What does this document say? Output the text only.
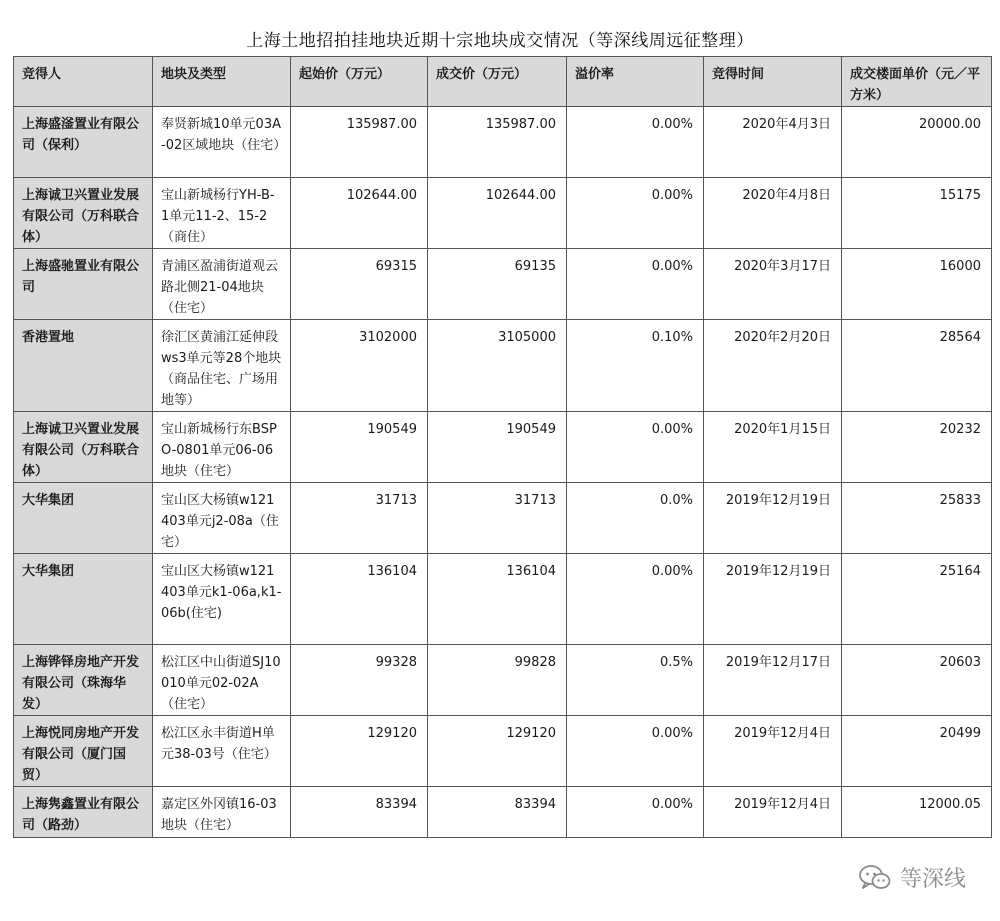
上海土地招拍挂地块近期十宗地块成交情况（等深线周远征整理）
竞得人	地块及类型	起始价（万元）	成交价（万元）	溢价率	竞得时间	成交楼面单价（元／平方米）
上海盛滏置业有限公司（保利）	奉贤新城10单元03A-02区域地块（住宅）	135987.00	135987.00	0.00%	2020年4月3日	20000.00
上海诚卫兴置业发展有限公司（万科联合体）	宝山新城杨行YH-B-1单元11-2、15-2（商住）	102644.00	102644.00	0.00%	2020年4月8日	15175
上海盛驰置业有限公司	青浦区盈浦街道观云路北侧21-04地块（住宅）	69315	69135	0.00%	2020年3月17日	16000
香港置地	徐汇区黄浦江延伸段ws3单元等28个地块（商品住宅、广场用地等）	3102000	3105000	0.10%	2020年2月20日	28564
上海诚卫兴置业发展有限公司（万科联合体）	宝山新城杨行东BSPO-0801单元06-06地块（住宅）	190549	190549	0.00%	2020年1月15日	20232
大华集团	宝山区大杨镇w121403单元j2-08a（住宅）	31713	31713	0.0%	2019年12月19日	25833
大华集团	宝山区大杨镇w121403单元k1-06a,k1-06b(住宅)	136104	136104	0.00%	2019年12月19日	25164
上海铧铎房地产开发有限公司（珠海华发）	松江区中山街道SJ10010单元02-02A（住宅）	99328	99828	0.5%	2019年12月17日	20603
上海悦同房地产开发有限公司（厦门国贸）	松江区永丰街道H单元38-03号（住宅）	129120	129120	0.00%	2019年12月4日	20499
上海隽鑫置业有限公司（路劲）	嘉定区外冈镇16-03地块（住宅）	83394	83394	0.00%	2019年12月4日	12000.05
等深线
